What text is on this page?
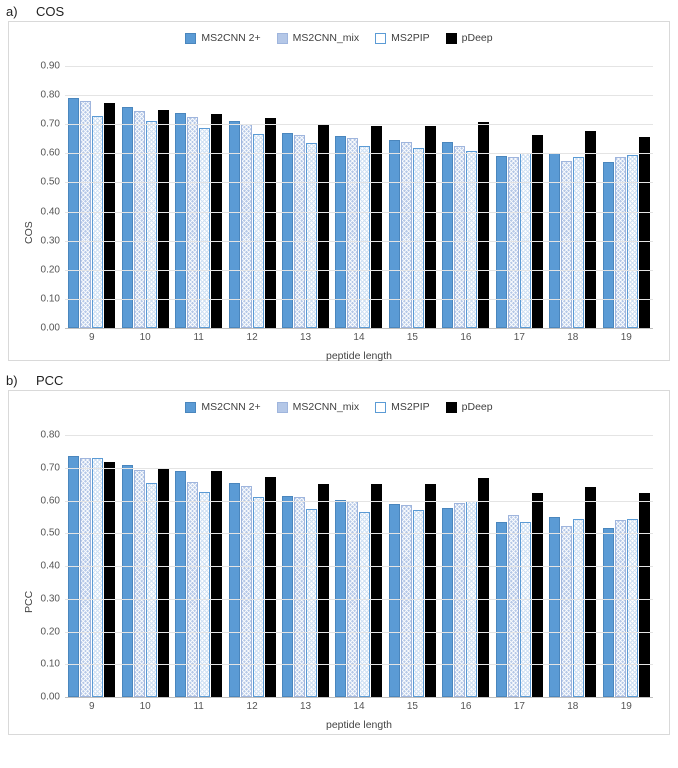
a)	COS
MS2CNN 2+	MS2CNN_mix	MS2PIP	pDeep
COS
0.00
0.10
0.20
0.30
0.40
0.50
0.60
0.70
0.80
0.90
9	10	11	12	13	14	15	16	17	18	19
peptide length
b)	PCC
MS2CNN 2+	MS2CNN_mix	MS2PIP	pDeep
PCC
0.00
0.10
0.20
0.30
0.40
0.50
0.60
0.70
0.80
9	10	11	12	13	14	15	16	17	18	19
peptide length
